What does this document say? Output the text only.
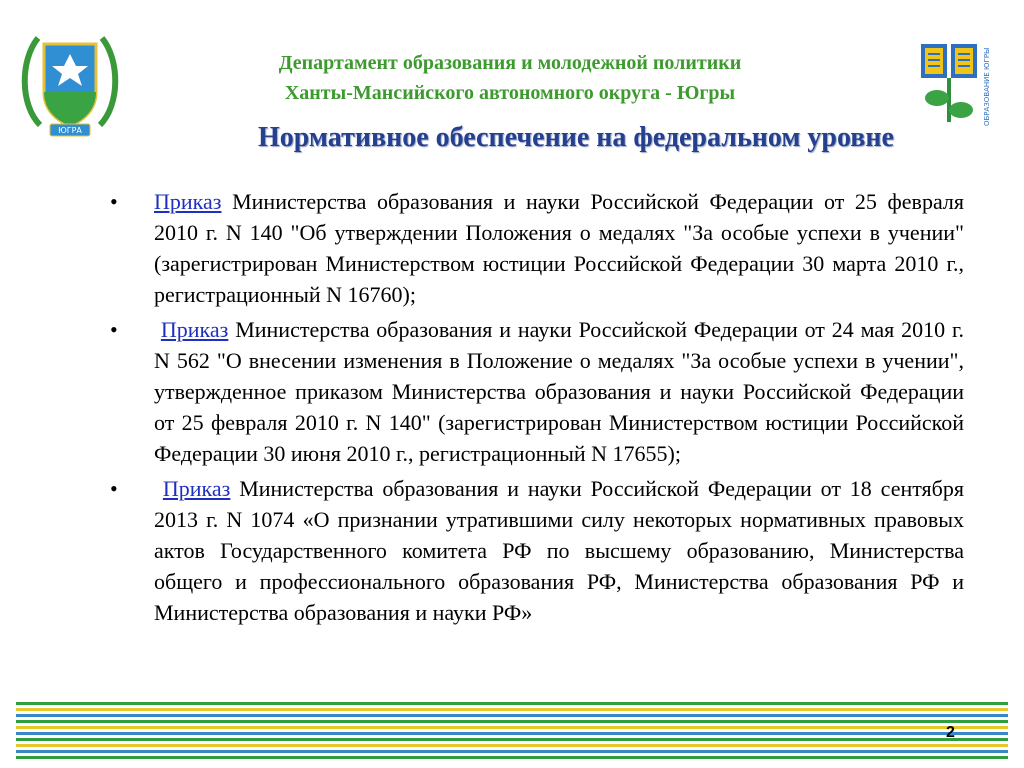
ЮГРА
ОБРАЗОВАНИЕ ЮГРЫ
Департамент образования и молодежной политики
Ханты-Мансийского автономного округа - Югры
Нормативное обеспечение на федеральном уровне
• Приказ Министерства образования и науки Российской Федерации от 25 февраля 2010 г. N 140 "Об утверждении Положения о медалях "За особые успехи в учении" (зарегистрирован Министерством юстиции Российской Федерации 30 марта 2010 г., регистрационный N 16760);

•	Приказ Министерства образования и науки Российской Федерации от 24 мая 2010 г. N 562 "О внесении изменения в Положение о медалях "За особые успехи в учении", утвержденное приказом Министерства образования и науки Российской Федерации от 25 февраля 2010 г. N 140" (зарегистрирован Министерством юстиции Российской Федерации 30 июня 2010 г., регистрационный N 17655);

•	Приказ Министерства образования и науки Российской Федерации от 18 сентября 2013 г. N 1074 «О признании утратившими силу некоторых нормативных правовых актов Государственного комитета РФ по высшему образованию, Министерства общего и профессионального образования РФ, Министерства образования РФ и Министерства образования и науки РФ»

2
